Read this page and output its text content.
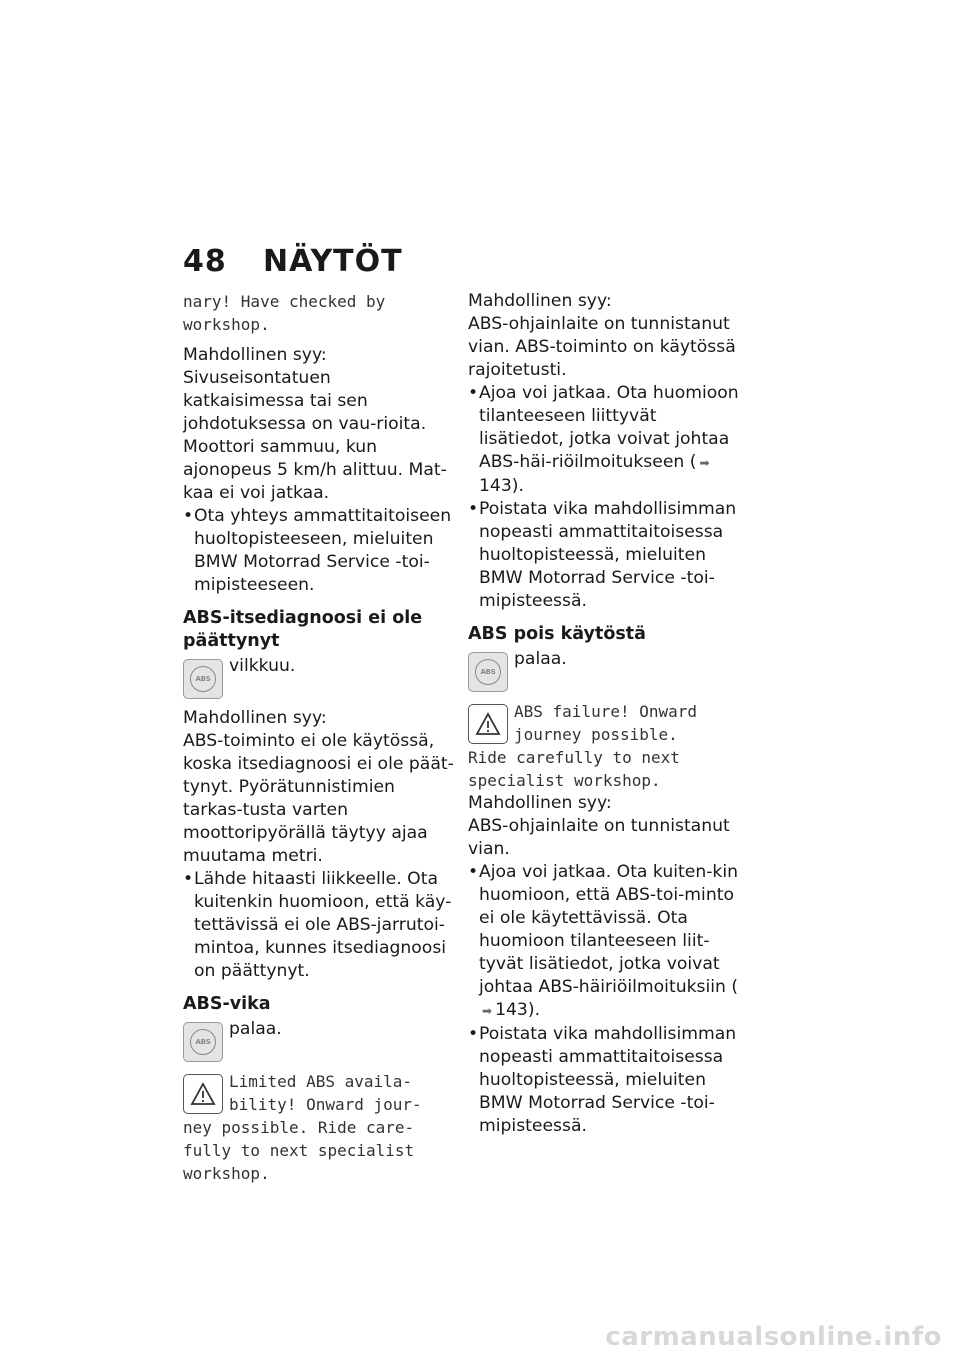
48 NÄYTÖT

nary! Have checked by workshop.

Mahdollinen syy:

Sivuseisontatuen katkaisimessa tai sen johdotuksessa on vau-rioita. Moottori sammuu, kun ajonopeus 5 km/h alittuu. Mat-kaa ei voi jatkaa.

• Ota yhteys ammattitaitoiseen huoltopisteeseen, mieluiten BMW Motorrad Service -toi-mipisteeseen.

ABS-itsediagnoosi ei ole päättynyt

ABS
vilkkuu.

Mahdollinen syy:

ABS-toiminto ei ole käytössä, koska itsediagnoosi ei ole päät-tynyt. Pyörätunnistimien tarkas-tusta varten moottoripyörällä täytyy ajaa muutama metri.

• Lähde hitaasti liikkeelle. Ota kuitenkin huomioon, että käy-tettävissä ei ole ABS-jarrutoi-mintoa, kunnes itsediagnoosi on päättynyt.

ABS-vika

ABS
palaa.
Limited ABS availa-
bility! Onward jour-

ney possible. Ride care-fully to next specialist workshop.

Mahdollinen syy:

ABS-ohjainlaite on tunnistanut vian. ABS-toiminto on käytössä rajoitetusti.

• Ajoa voi jatkaa. Ota huomioon tilanteeseen liittyvät lisätiedot, jotka voivat johtaa ABS-häi-riöilmoitukseen ( ➡143).
• Poistata vika mahdollisimman nopeasti ammattitaitoisessa huoltopisteessä, mieluiten BMW Motorrad Service -toi-mipisteessä.

ABS pois käytöstä

ABS
palaa.
ABS failure! Onward
journey possible.

Ride carefully to next specialist workshop.

Mahdollinen syy:

ABS-ohjainlaite on tunnistanut vian.

• Ajoa voi jatkaa. Ota kuiten-kin huomioon, että ABS-toi-minto ei ole käytettävissä. Ota huomioon tilanteeseen liit-tyvät lisätiedot, jotka voivat johtaa ABS-häiriöilmoituksiin (➡ 143).
• Poistata vika mahdollisimman nopeasti ammattitaitoisessa huoltopisteessä, mieluiten BMW Motorrad Service -toi-mipisteessä.
carmanualsonline.info
